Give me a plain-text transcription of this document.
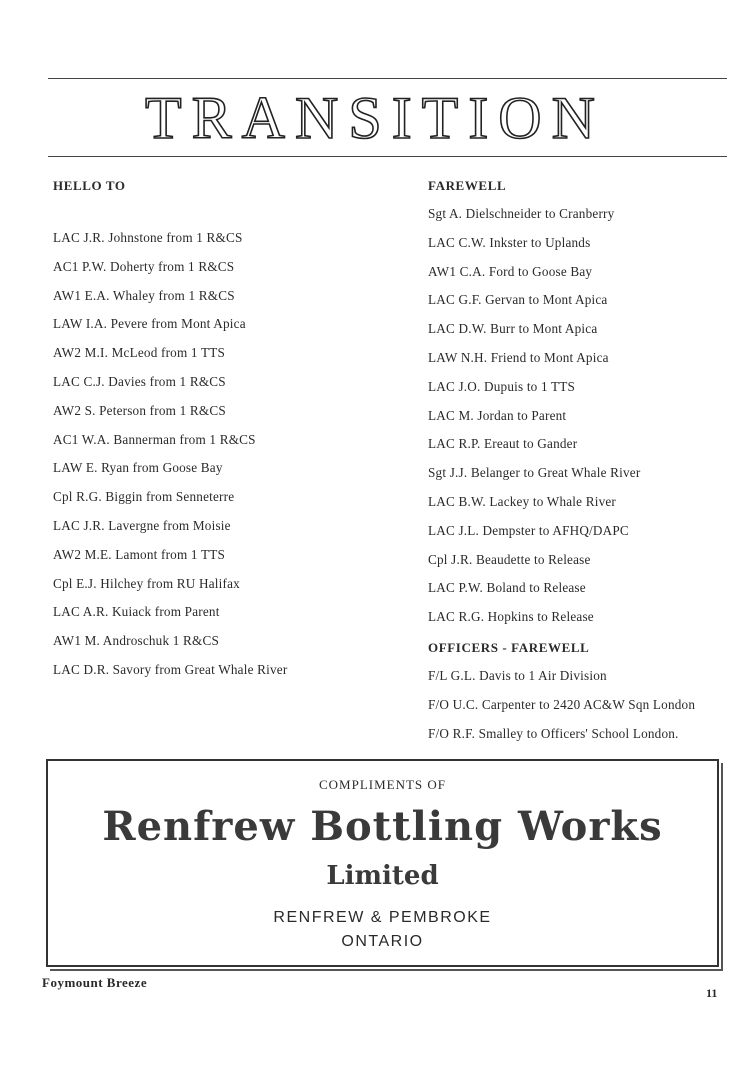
TRANSITION
HELLO TO
LAC J.R. Johnstone from 1 R&CS
AC1 P.W. Doherty from 1 R&CS
AW1 E.A. Whaley from 1 R&CS
LAW I.A. Pevere from Mont Apica
AW2 M.I. McLeod from 1 TTS
LAC C.J. Davies from 1 R&CS
AW2 S. Peterson from 1 R&CS
AC1 W.A. Bannerman from 1 R&CS
LAW E. Ryan from Goose Bay
Cpl R.G. Biggin from Senneterre
LAC J.R. Lavergne from Moisie
AW2 M.E. Lamont from 1 TTS
Cpl E.J. Hilchey from RU Halifax
LAC A.R. Kuiack from Parent
AW1 M. Androschuk 1 R&CS
LAC D.R. Savory from Great Whale River
FAREWELL
Sgt A. Dielschneider to Cranberry
LAC C.W. Inkster to Uplands
AW1 C.A. Ford to Goose Bay
LAC G.F. Gervan to Mont Apica
LAC D.W. Burr to Mont Apica
LAW N.H. Friend to Mont Apica
LAC J.O. Dupuis to 1 TTS
LAC M. Jordan to Parent
LAC R.P. Ereaut to Gander
Sgt J.J. Belanger to Great Whale River
LAC B.W. Lackey to Whale River
LAC J.L. Dempster to AFHQ/DAPC
Cpl J.R. Beaudette to Release
LAC P.W. Boland to Release
LAC R.G. Hopkins to Release
OFFICERS - FAREWELL
F/L G.L. Davis to 1 Air Division
F/O U.C. Carpenter to 2420 AC&W Sqn London
F/O R.F. Smalley to Officers' School London.
COMPLIMENTS OF
Renfrew Bottling Works
Limited
RENFREW & PEMBROKE
ONTARIO
Foymount Breeze
11
